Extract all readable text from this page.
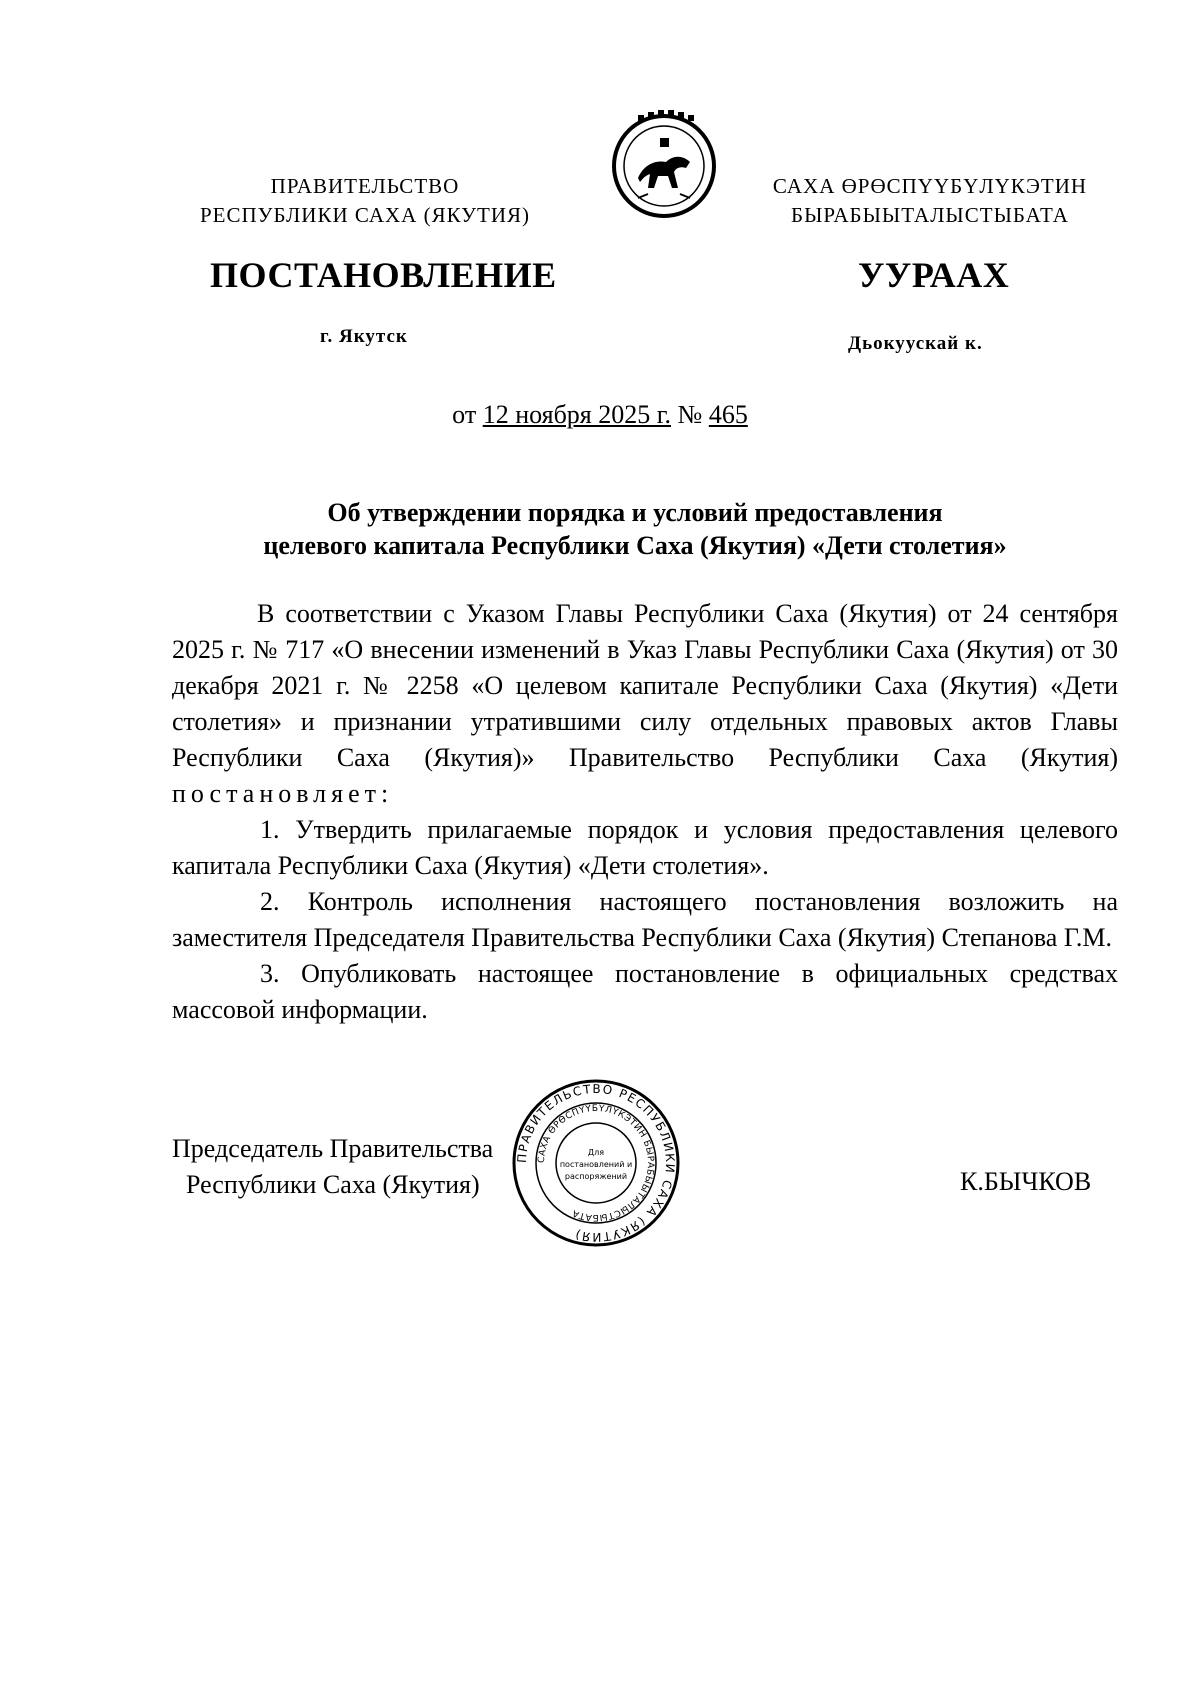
ПРАВИТЕЛЬСТВО
РЕСПУБЛИКИ САХА (ЯКУТИЯ)
САХА ӨРӨСПҮҮБҮЛҮКЭТИН
БЫРАБЫЫТАЛЫСТЫБАТА
ПОСТАНОВЛЕНИЕ	УУРААХ
г. Якутск	Дьокуускай к.
от 12 ноября 2025 г. № 465
Об утверждении порядка и условий предоставления
целевого капитала Республики Саха (Якутия) «Дети столетия»

В соответствии с Указом Главы Республики Саха (Якутия) от 24 сентября 2025 г. № 717 «О внесении изменений в Указ Главы Республики Саха (Якутия) от 30 декабря 2021 г. № 2258 «О целевом капитале Республики Саха (Якутия) «Дети столетия» и признании утратившими силу отдельных правовых актов Главы Республики Саха (Якутия)» Правительство Республики Саха (Якутия) постановляет:

1. Утвердить прилагаемые порядок и условия предоставления целевого капитала Республики Саха (Якутия) «Дети столетия».

2. Контроль исполнения настоящего постановления возложить на заместителя Председателя Правительства Республики Саха (Якутия) Степанова Г.М.

3. Опубликовать настоящее постановление в официальных средствах массовой информации.

Председатель Правительства
Республики Саха (Якутия)
ПРАВИТЕЛЬСТВО РЕСПУБЛИКИ САХА (ЯКУТИЯ)
САХА ӨРӨСПҮҮБҮЛҮКЭТИН БЫРАБЫЫТАЛЫСТЫБАТА
Для
постановлений и
распоряжений	К.БЫЧКОВ
